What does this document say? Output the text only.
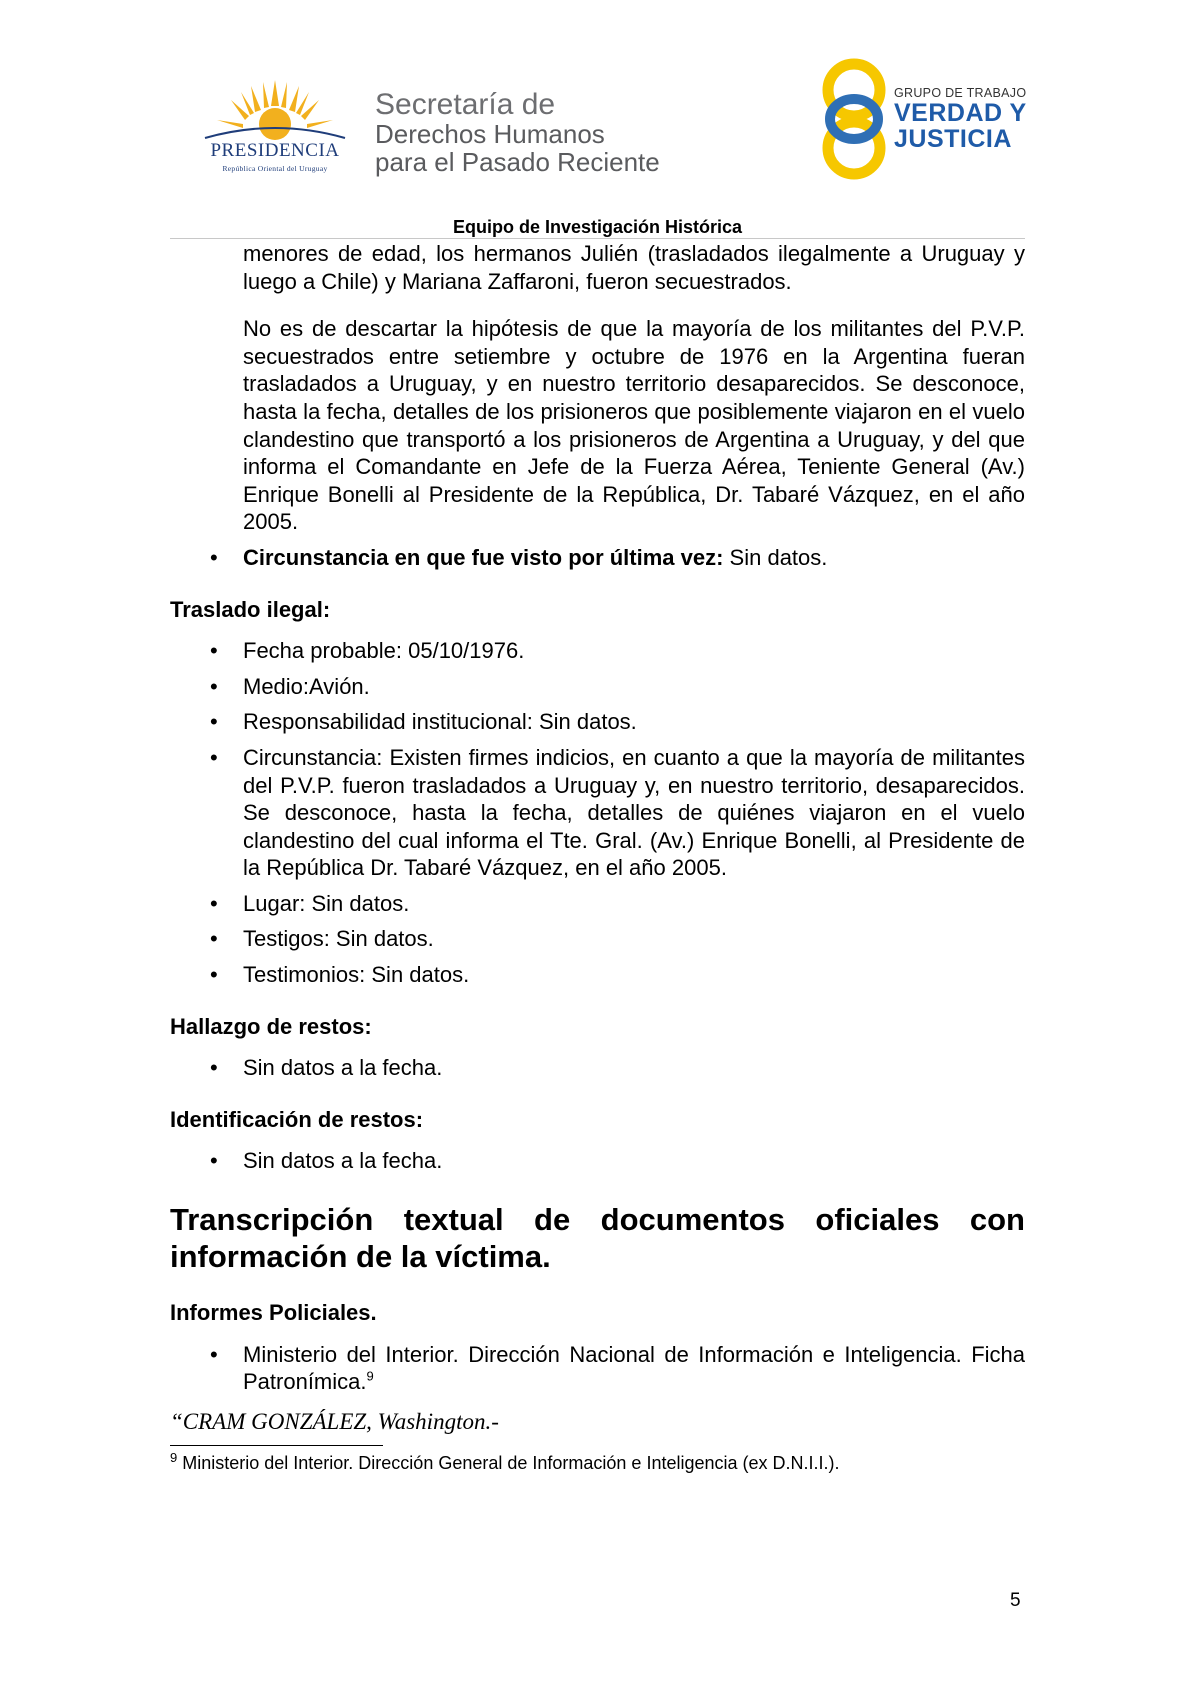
PRESIDENCIA
República Oriental del Uruguay
Secretaría de
Derechos Humanos
para el Pasado Reciente
GRUPO DE TRABAJO
VERDAD Y
JUSTICIA
Equipo de Investigación Histórica

menores de edad, los hermanos Julién (trasladados ilegalmente a Uruguay y luego a Chile) y Mariana Zaffaroni, fueron secuestrados.

No es de descartar la hipótesis de que la mayoría de los militantes del P.V.P. secuestrados entre setiembre y octubre de 1976 en la Argentina fueran trasladados a Uruguay, y en nuestro territorio desaparecidos. Se desconoce, hasta la fecha, detalles de los prisioneros que posiblemente viajaron en el vuelo clandestino que transportó a los prisioneros de Argentina a Uruguay, y del que informa el Comandante en Jefe de la Fuerza Aérea, Teniente General (Av.) Enrique Bonelli al Presidente de la República, Dr. Tabaré Vázquez, en el año 2005.

• Circunstancia en que fue visto por última vez: Sin datos.
Traslado ilegal:
• Fecha probable: 05/10/1976.
• Medio:Avión.
• Responsabilidad institucional: Sin datos.
• Circunstancia: Existen firmes indicios, en cuanto a que la mayoría de militantes del P.V.P. fueron trasladados a Uruguay y, en nuestro territorio, desaparecidos. Se desconoce, hasta la fecha, detalles de quiénes viajaron en el vuelo clandestino del cual informa el Tte. Gral. (Av.) Enrique Bonelli, al Presidente de la República Dr. Tabaré Vázquez, en el año 2005.
• Lugar: Sin datos.
• Testigos: Sin datos.
• Testimonios: Sin datos.
Hallazgo de restos:
• Sin datos a la fecha.
Identificación de restos:
• Sin datos a la fecha.
Transcripción textual de documentos oficiales con información de la víctima.
Informes Policiales.
• Ministerio del Interior. Dirección Nacional de Información e Inteligencia. Ficha Patronímica.$^9$
“CRAM GONZÁLEZ, Washington.-
$^9$ Ministerio del Interior. Dirección General de Información e Inteligencia (ex D.N.I.I.).
5
